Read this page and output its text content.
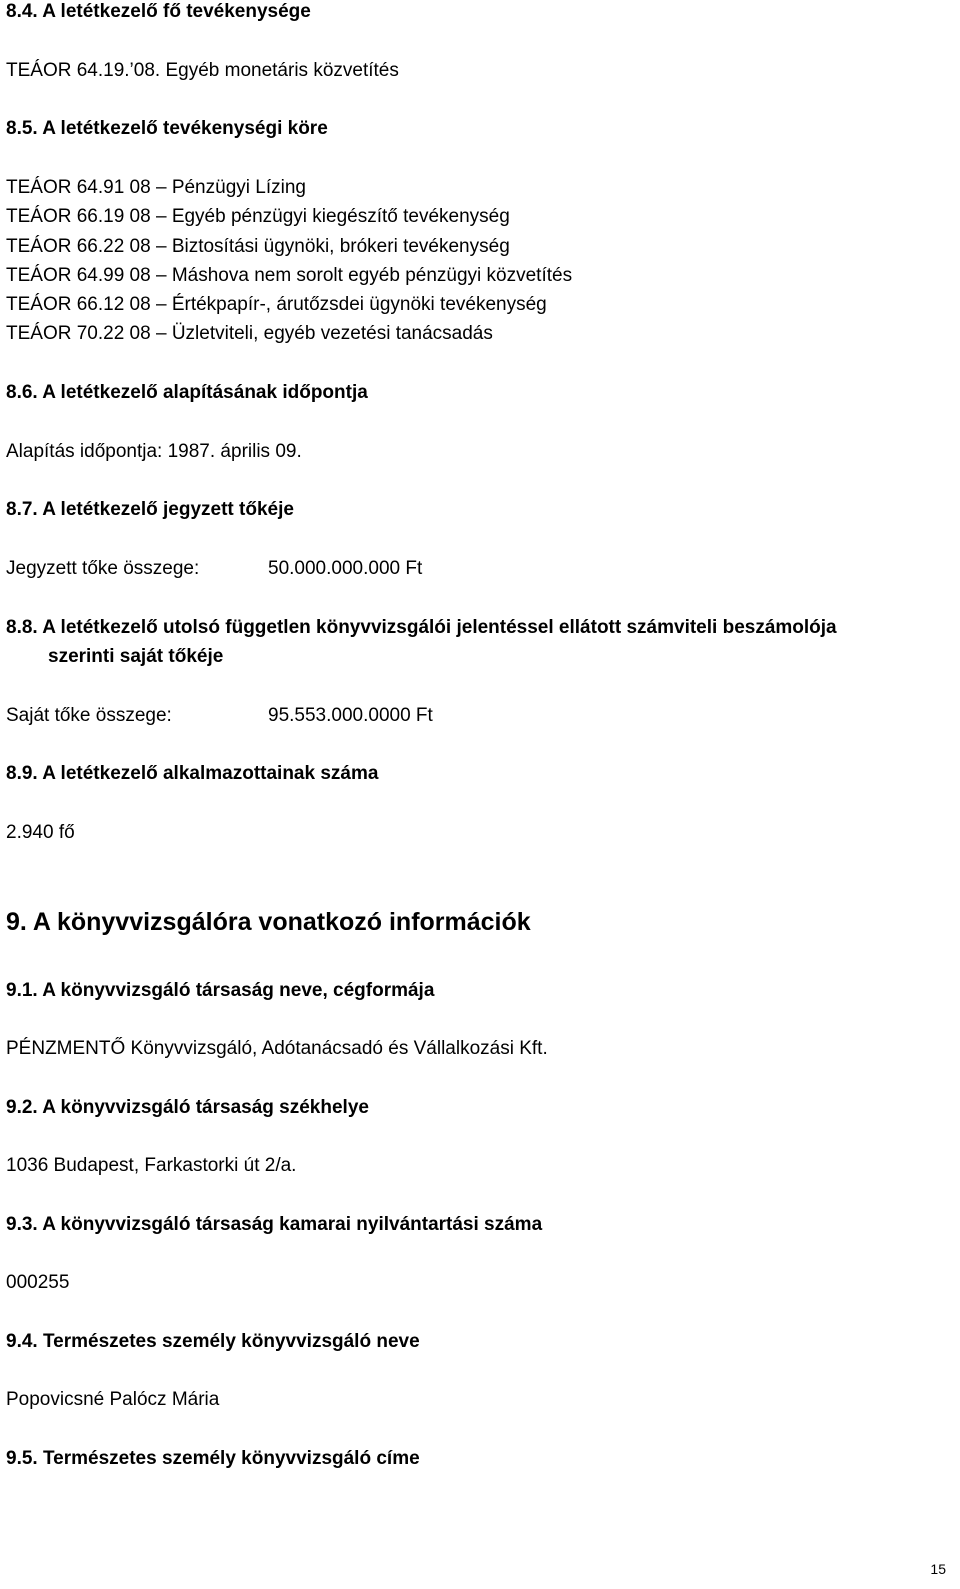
8.4. A letétkezelő fő tevékenysége
TEÁOR 64.19.’08. Egyéb monetáris közvetítés
8.5. A letétkezelő tevékenységi köre
TEÁOR 64.91 08 – Pénzügyi Lízing
TEÁOR 66.19 08 – Egyéb pénzügyi kiegészítő tevékenység
TEÁOR 66.22 08 – Biztosítási ügynöki, brókeri tevékenység
TEÁOR 64.99 08 – Máshova nem sorolt egyéb pénzügyi közvetítés
TEÁOR 66.12 08 – Értékpapír-, árutőzsdei ügynöki tevékenység
TEÁOR 70.22 08 – Üzletviteli, egyéb vezetési tanácsadás
8.6. A letétkezelő alapításának időpontja
Alapítás időpontja: 1987. április 09.
8.7. A letétkezelő jegyzett tőkéje
Jegyzett tőke összege:	50.000.000.000 Ft
8.8. A letétkezelő utolsó független könyvvizsgálói jelentéssel ellátott számviteli beszámolója
szerinti saját tőkéje
Saját tőke összege:	95.553.000.0000 Ft
8.9. A letétkezelő alkalmazottainak száma
2.940 fő
9. A könyvvizsgálóra vonatkozó információk
9.1. A könyvvizsgáló társaság neve, cégformája
PÉNZMENTŐ Könyvvizsgáló, Adótanácsadó és Vállalkozási Kft.
9.2. A könyvvizsgáló társaság székhelye
1036 Budapest, Farkastorki út 2/a.
9.3. A könyvvizsgáló társaság kamarai nyilvántartási száma
000255
9.4. Természetes személy könyvvizsgáló neve
Popovicsné Palócz Mária
9.5. Természetes személy könyvvizsgáló címe
15
